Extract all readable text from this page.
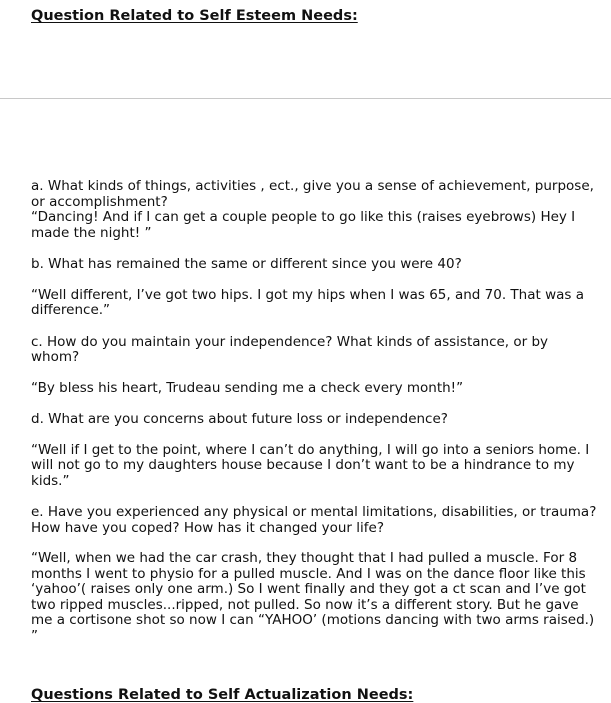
Question Related to Self Esteem Needs:

a. What kinds of things, activities , ect., give you a sense of achievement, purpose, or accomplishment?

“Dancing! And if I can get a couple people to go like this (raises eyebrows) Hey I made the night! ”

b. What has remained the same or different since you were 40?

“Well different, I’ve got two hips. I got my hips when I was 65, and 70. That was a difference.”

c. How do you maintain your independence? What kinds of assistance, or by whom?

“By bless his heart, Trudeau sending me a check every month!”

d. What are you concerns about future loss or independence?

“Well if I get to the point, where I can’t do anything, I will go into a seniors home. I will not go to my daughters house because I don’t want to be a hindrance to my kids.”

e. Have you experienced any physical or mental limitations, disabilities, or trauma? How have you coped? How has it changed your life?

“Well, when we had the car crash, they thought that I had pulled a muscle. For 8 months I went to physio for a pulled muscle. And I was on the dance floor like this ‘yahoo’( raises only one arm.) So I went finally and they got a ct scan and I’ve got two ripped muscles...ripped, not pulled. So now it’s a different story. But he gave me a cortisone shot so now I can “YAHOO’ (motions dancing with two arms raised.) ”

Questions Related to Self Actualization Needs:
